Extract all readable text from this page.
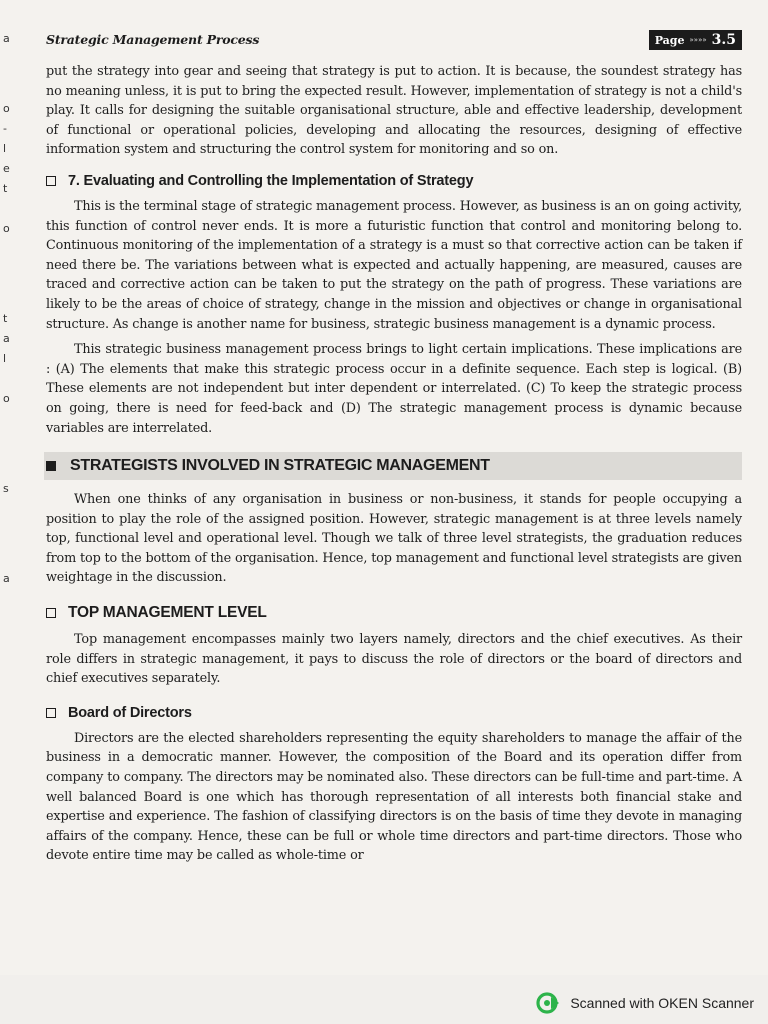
a
o
-
l
e
t
o
t
a
l
o
s
a
Strategic Management Process	Page »»»» 3.5

put the strategy into gear and seeing that strategy is put to action. It is because, the soundest strategy has no meaning unless, it is put to bring the expected result. However, implementation of strategy is not a child's play. It calls for designing the suitable organisational structure, able and effective leadership, development of functional or operational policies, developing and allocating the resources, designing of effective information system and structuring the control system for monitoring and so on.

7. Evaluating and Controlling the Implementation of Strategy

This is the terminal stage of strategic management process. However, as business is an on going activity, this function of control never ends. It is more a futuristic function that control and monitoring belong to. Continuous monitoring of the implementation of a strategy is a must so that corrective action can be taken if need there be. The variations between what is expected and actually happening, are measured, causes are traced and corrective action can be taken to put the strategy on the path of progress. These variations are likely to be the areas of choice of strategy, change in the mission and objectives or change in organisational structure. As change is another name for business, strategic business management is a dynamic process.

This strategic business management process brings to light certain implications. These implications are : (A) The elements that make this strategic process occur in a definite sequence. Each step is logical. (B) These elements are not independent but inter dependent or interrelated. (C) To keep the strategic process on going, there is need for feed-back and (D) The strategic management process is dynamic because variables are interrelated.

STRATEGISTS INVOLVED IN STRATEGIC MANAGEMENT

When one thinks of any organisation in business or non-business, it stands for people occupying a position to play the role of the assigned position. However, strategic management is at three levels namely top, functional level and operational level. Though we talk of three level strategists, the graduation reduces from top to the bottom of the organisation. Hence, top management and functional level strategists are given weightage in the discussion.

TOP MANAGEMENT LEVEL

Top management encompasses mainly two layers namely, directors and the chief executives. As their role differs in strategic management, it pays to discuss the role of directors or the board of directors and chief executives separately.

Board of Directors

Directors are the elected shareholders representing the equity shareholders to manage the affair of the business in a democratic manner. However, the composition of the Board and its operation differ from company to company. The directors may be nominated also. These directors can be full-time and part-time. A well balanced Board is one which has thorough representation of all interests both financial stake and expertise and experience. The fashion of classifying directors is on the basis of time they devote in managing affairs of the company. Hence, these can be full or whole time directors and part-time directors. Those who devote entire time may be called as whole-time or

Scanned with OKEN Scanner
